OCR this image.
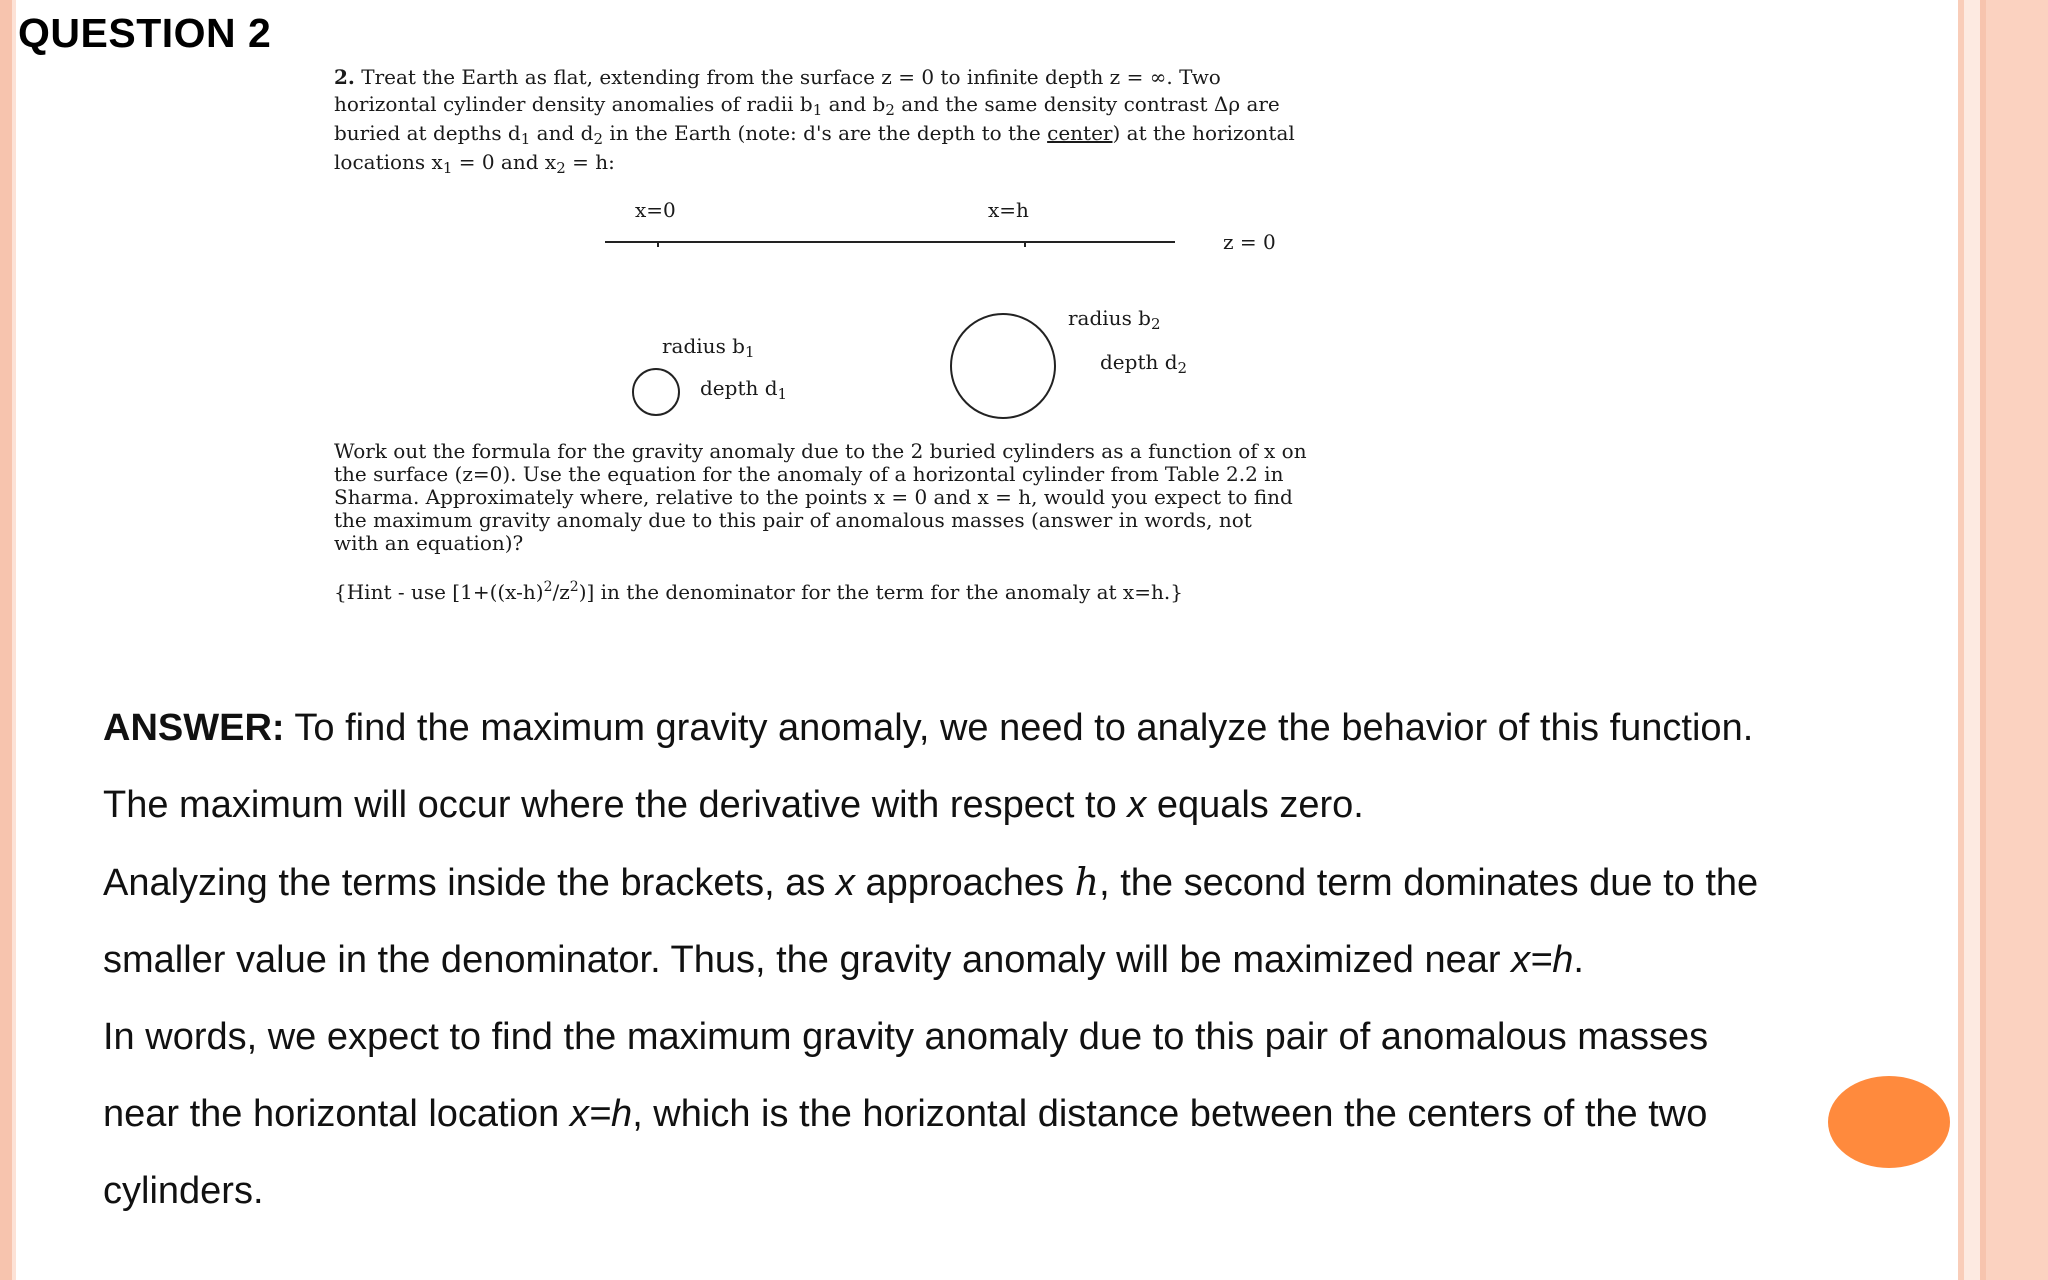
QUESTION 2
2. Treat the Earth as flat, extending from the surface z = 0 to infinite depth z = ∞. Two
horizontal cylinder density anomalies of radii $b_1$ and $b_2$ and the same density contrast Δρ are
buried at depths $d_1$ and $d_2$ in the Earth (note: d's are the depth to the center) at the horizontal
locations $x_1 = 0$ and $x_2 = h$:
x=0	x=h
z = 0
radius $b_1$
depth $d_1$
radius $b_2$
depth $d_2$
Work out the formula for the gravity anomaly due to the 2 buried cylinders as a function of x on
the surface (z=0). Use the equation for the anomaly of a horizontal cylinder from Table 2.2 in
Sharma. Approximately where, relative to the points x = 0 and x = h, would you expect to find
the maximum gravity anomaly due to this pair of anomalous masses (answer in words, not
with an equation)?
{Hint - use $[1+((x-h)^2/z^2)]$ in the denominator for the term for the anomaly at x=h.}
ANSWER: To find the maximum gravity anomaly, we need to analyze the behavior of this function.
The maximum will occur where the derivative with respect to x equals zero.
Analyzing the terms inside the brackets, as x approaches h, the second term dominates due to the
smaller value in the denominator. Thus, the gravity anomaly will be maximized near x=h.
In words, we expect to find the maximum gravity anomaly due to this pair of anomalous masses
near the horizontal location x=h, which is the horizontal distance between the centers of the two
cylinders.
